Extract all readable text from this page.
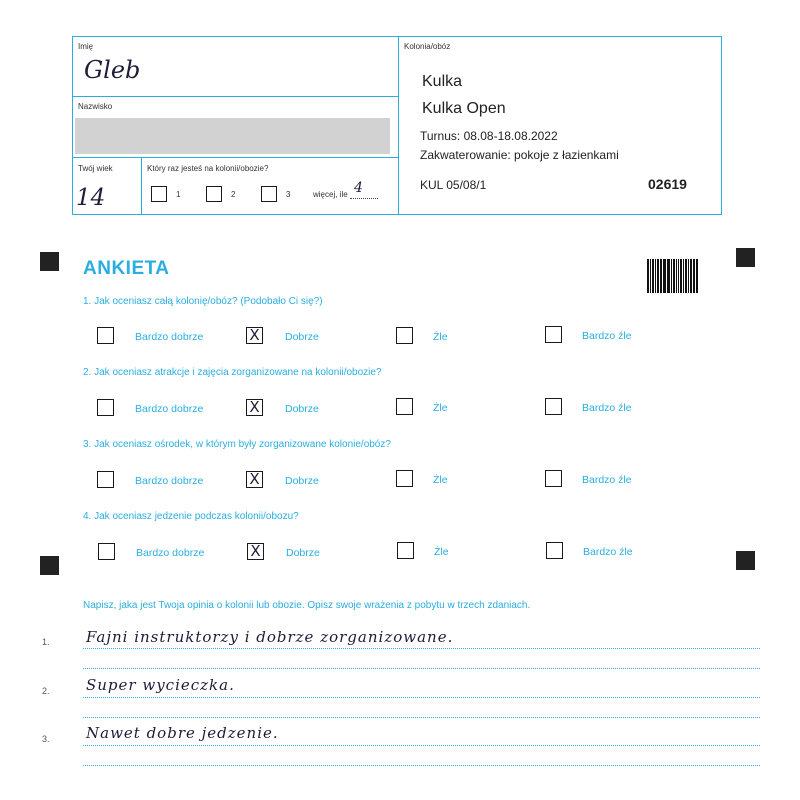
Imię
Gleb
Nazwisko
Twój wiek
14
Który raz jesteś na kolonii/obozie?
1	2	3	więcej, ile 4
Kolonia/obóz
Kulka
Kulka Open
Turnus: 08.08-18.08.2022
Zakwaterowanie: pokoje z łazienkami
KUL 05/08/1	02619
ANKIETA
1. Jak oceniasz całą kolonię/obóz? (Podobało Ci się?)
Bardzo dobrze	X	Dobrze	Źle	Bardzo źle
2. Jak oceniasz atrakcje i zajęcia zorganizowane na kolonii/obozie?
Bardzo dobrze	X	Dobrze	Źle	Bardzo źle
3. Jak oceniasz ośrodek, w którym były zorganizowane kolonie/obóz?
Bardzo dobrze	X	Dobrze	Źle	Bardzo źle
4. Jak oceniasz jedzenie podczas kolonii/obozu?
Bardzo dobrze	X	Dobrze	Źle	Bardzo źle
Napisz, jaka jest Twoja opinia o kolonii lub obozie. Opisz swoje wrażenia z pobytu w trzech zdaniach.
1. Fajni instruktorzy i dobrze zorganizowane.
2. Super wycieczka.
3. Nawet dobre jedzenie.
